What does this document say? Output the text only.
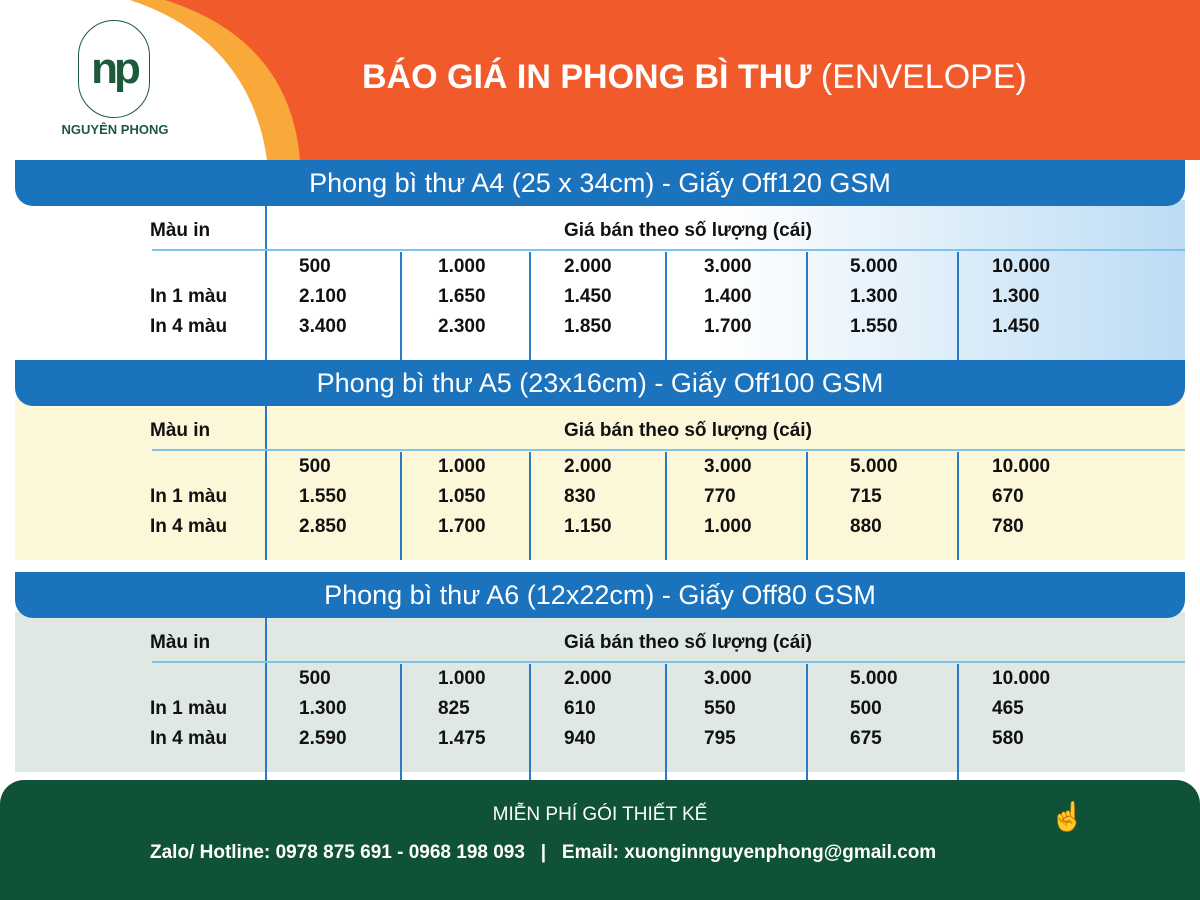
np
NGUYÊN PHONG
BÁO GIÁ IN PHONG BÌ THƯ (ENVELOPE)
Phong bì thư A4 (25 x 34cm) - Giấy Off120 GSM
Màu in	Giá bán theo số lượng (cái)
500	1.000	2.000	3.000	5.000	10.000
In 1 màu	2.100	1.650	1.450	1.400	1.300	1.300
In 4 màu	3.400	2.300	1.850	1.700	1.550	1.450
Phong bì thư A5 (23x16cm) - Giấy Off100 GSM
Màu in	Giá bán theo số lượng (cái)
500	1.000	2.000	3.000	5.000	10.000
In 1 màu	1.550	1.050	830	770	715	670
In 4 màu	2.850	1.700	1.150	1.000	880	780
Phong bì thư A6 (12x22cm) - Giấy Off80 GSM
Màu in	Giá bán theo số lượng (cái)
500	1.000	2.000	3.000	5.000	10.000
In 1 màu	1.300	825	610	550	500	465
In 4 màu	2.590	1.475	940	795	675	580
MIỄN PHÍ GÓI THIẾT KẾ	☝
Zalo/ Hotline: 0978 875 691 - 0968 198 093   |   Email: xuonginnguyenphong@gmail.com
